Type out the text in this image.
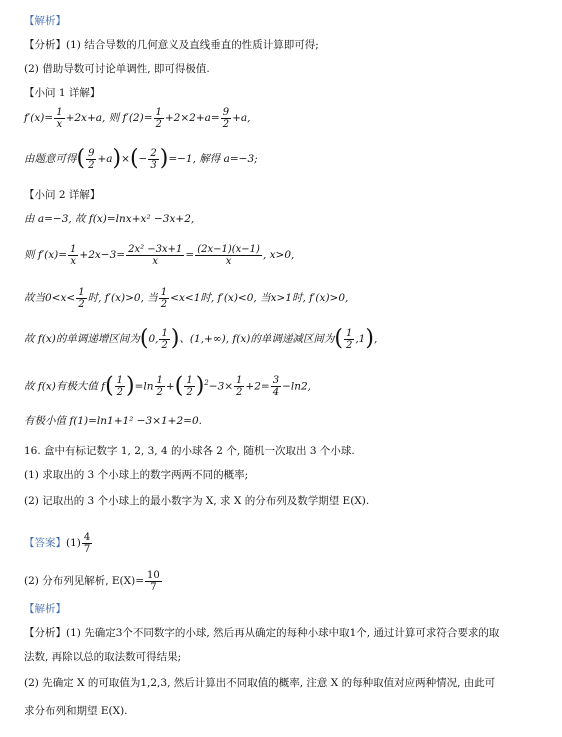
【解析】
【分析】(1) 结合导数的几何意义及直线垂直的性质计算即可得;
(2) 借助导数可讨论单调性, 即可得极值.
【小问 1 详解】
$f'(x)= \frac{1}{x} +2x+a$, 则 $f'(2)= \frac{1}{2} +2\times 2+a= \frac{9}{2} +a$,
由题意可得( $\frac{9}{2} +a)\times(- \frac{2}{3} )=-1$, 解得 a=−3;
【小问 2 详解】
由 a=−3, 故 f(x)=lnx+x² −3x+2,
则 $f'(x)= \frac{1}{x} +2x-3= \frac{\text{2x² −3x+1}}{x} = \frac{(2x-1)(x-1)}{x}$ , x>0,
故当$0<x< \frac{1}{2}$ 时, f′(x)>0, 当 $\frac{1}{2} <x<1$时, f′(x)<0, 当x>1时, f′(x)>0,
故 f(x)的单调递增区间为(0, $\frac{1}{2}$ )、(1,+∞), f(x)的单调递减区间为( $\frac{1}{2} ,1$),
故 f(x)有极大值 $f( \frac{1}{2} )=\ln \frac{1}{2}$ +( $\frac{1}{2} )^2-3\times \frac{1}{2} +2= \frac{3}{4} -\ln 2$,
有极小值 f(1)=ln1+1² −3×1+2=0.
16. 盒中有标记数字 1, 2, 3, 4 的小球各 2 个, 随机一次取出 3 个小球.
(1) 求取出的 3 个小球上的数字两两不同的概率;
(2) 记取出的 3 个小球上的最小数字为 X, 求 X 的分布列及数学期望 E(X).
【答案】$(1) \frac{4}{7}$
(2) 分布列见解析, $E(X)= \frac{10}{7}$
【解析】
【分析】(1) 先确定3个不同数字的小球, 然后再从确定的每种小球中取1个, 通过计算可求符合要求的取
法数, 再除以总的取法数可得结果;
(2) 先确定 X 的可取值为1,2,3, 然后计算出不同取值的概率, 注意 X 的每种取值对应两种情况, 由此可
求分布列和期望 E(X).
